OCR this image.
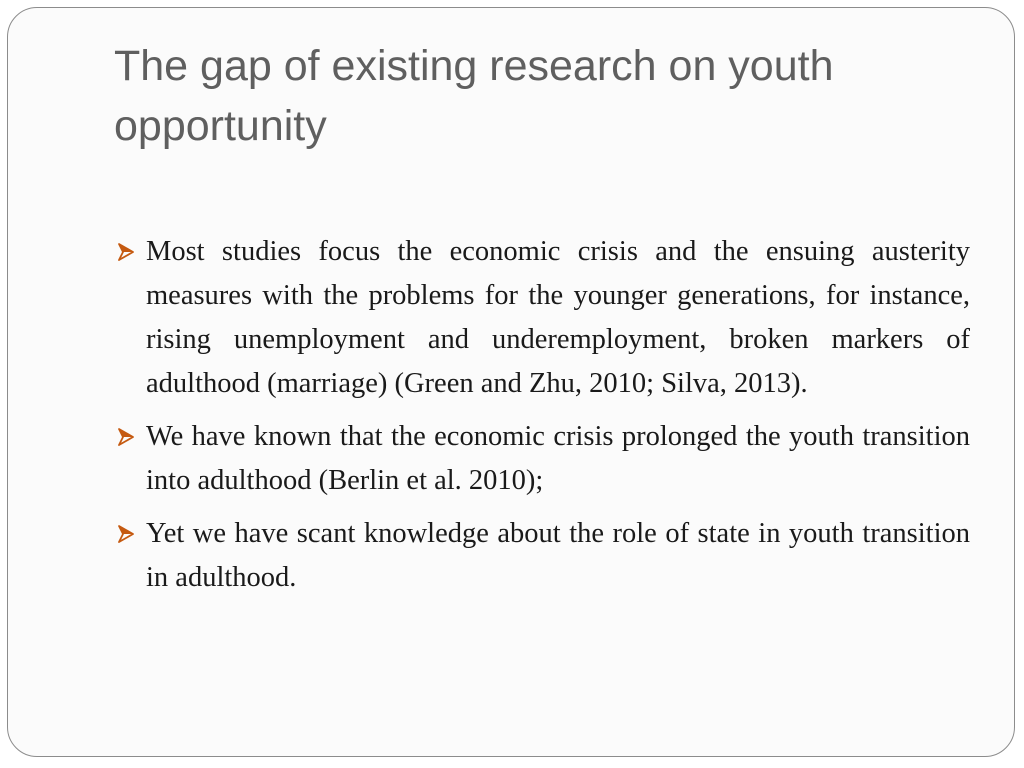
The gap of existing research on youth opportunity
Most studies focus the economic crisis and the ensuing austerity measures with the problems for the younger generations, for instance, rising unemployment and underemployment, broken markers of adulthood (marriage) (Green and Zhu, 2010; Silva, 2013).
We have known that the economic crisis prolonged the youth transition into adulthood (Berlin et al. 2010);
Yet we have scant knowledge about the role of state in youth transition in adulthood.
